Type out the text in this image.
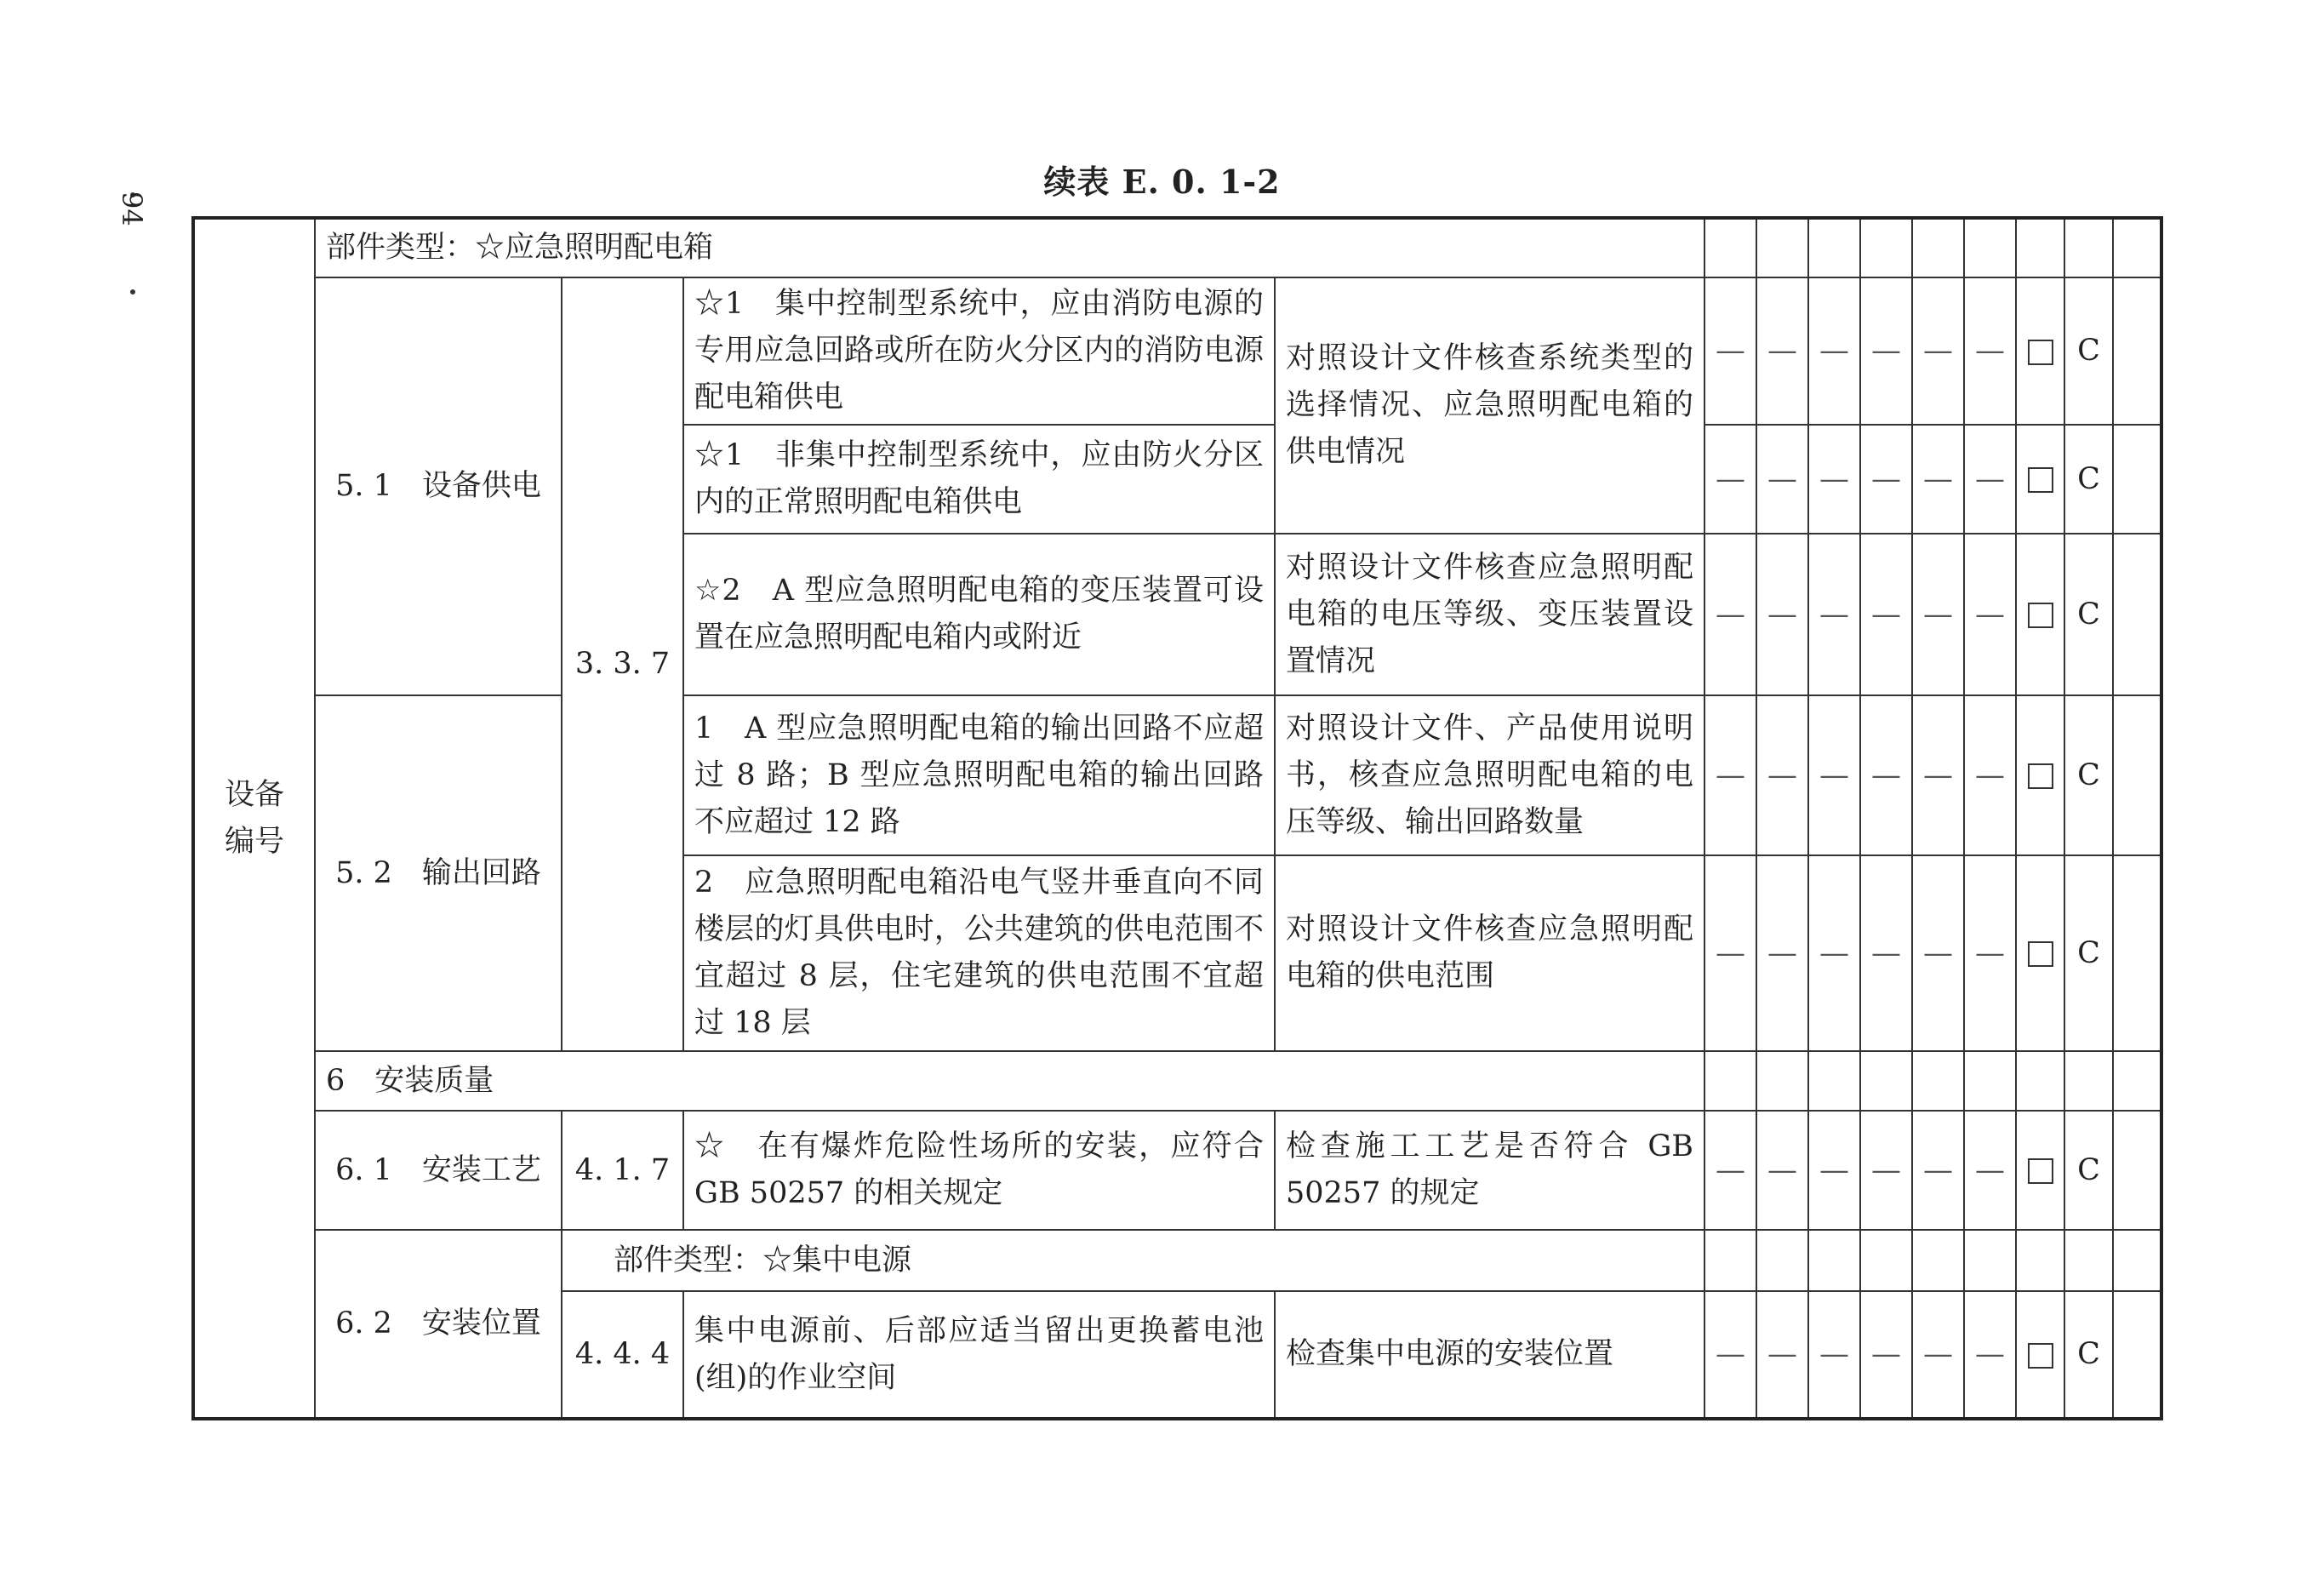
续表 E. 0. 1-2
94
设备
编号	部件类型：☆应急照明配电箱												
	5. 1　设备供电	3. 3. 7	☆1　集中控制型系统中，应由消防电源的专用应急回路或所在防火分区内的消防电源配电箱供电	对照设计文件核查系统类型的选择情况、应急照明配电箱的供电情况	—	—	—	—	—	—		C	
			☆1　非集中控制型系统中，应由防火分区内的正常照明配电箱供电		—	—	—	—	—	—		C	
			☆2　A 型应急照明配电箱的变压装置可设置在应急照明配电箱内或附近	对照设计文件核查应急照明配电箱的电压等级、变压装置设置情况	—	—	—	—	—	—		C	
	5. 2　输出回路		1　A 型应急照明配电箱的输出回路不应超过 8 路；B 型应急照明配电箱的输出回路不应超过 12 路	对照设计文件、产品使用说明书，核查应急照明配电箱的电压等级、输出回路数量	—	—	—	—	—	—		C	
			2　应急照明配电箱沿电气竖井垂直向不同楼层的灯具供电时，公共建筑的供电范围不宜超过 8 层，住宅建筑的供电范围不宜超过 18 层	对照设计文件核查应急照明配电箱的供电范围	—	—	—	—	—	—		C	
	6　安装质量												
	6. 1　安装工艺	4. 1. 7	☆　在有爆炸危险性场所的安装，应符合 GB 50257 的相关规定	检查施工工艺是否符合 GB 50257 的规定	—	—	—	—	—	—		C	
	6. 2　安装位置	部件类型：☆集中电源											
		4. 4. 4	集中电源前、后部应适当留出更换蓄电池(组)的作业空间	检查集中电源的安装位置	—	—	—	—	—	—		C	
